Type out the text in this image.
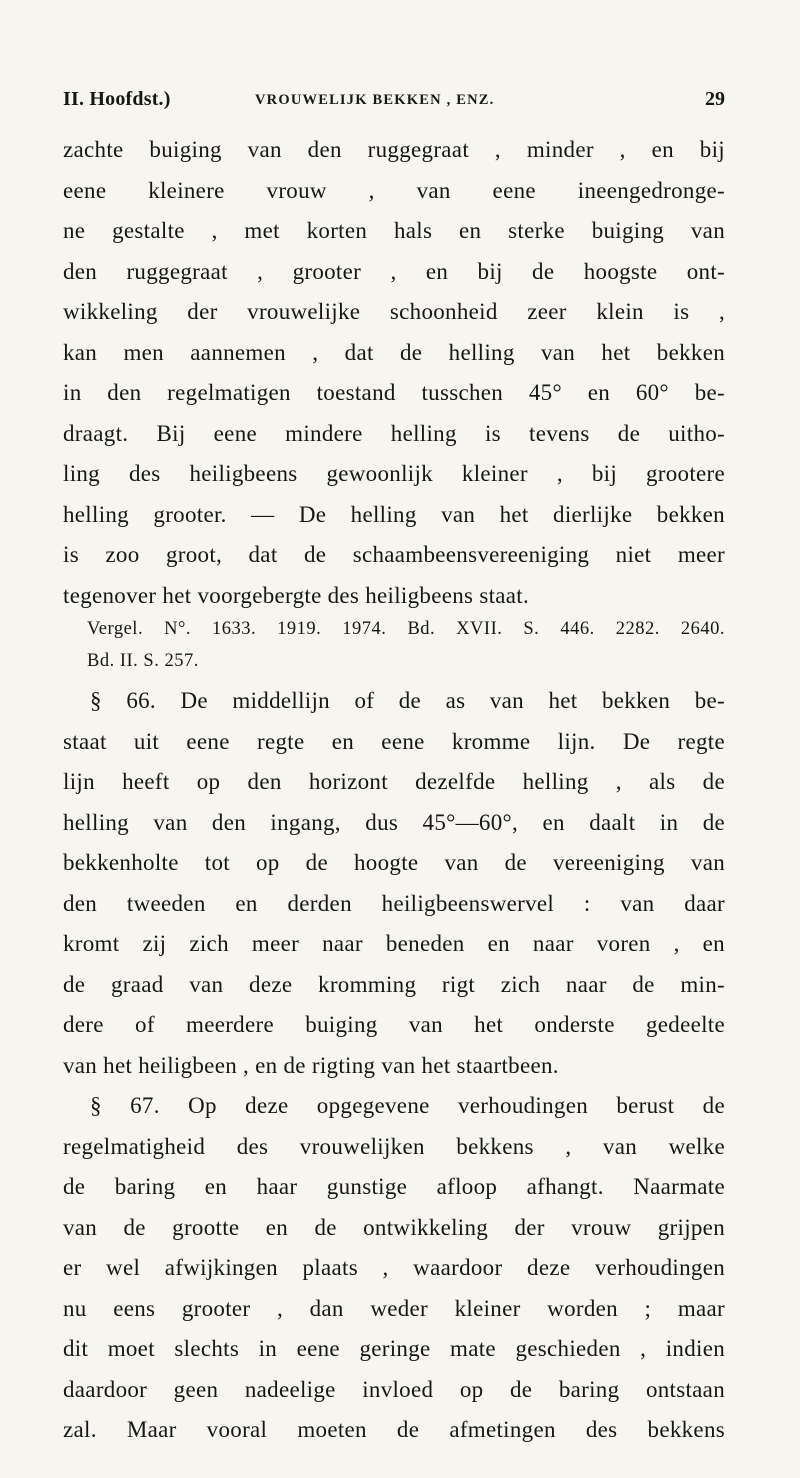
II. Hoofdst.)	VROUWELIJK BEKKEN , ENZ.	29
zachte buiging van den ruggegraat , minder , en bij
eene kleinere vrouw , van eene ineengedronge-
ne gestalte , met korten hals en sterke buiging van
den ruggegraat , grooter , en bij de hoogste ont-
wikkeling der vrouwelijke schoonheid zeer klein is ,
kan men aannemen , dat de helling van het bekken
in den regelmatigen toestand tusschen 45° en 60° be-
draagt. Bij eene mindere helling is tevens de uitho-
ling des heiligbeens gewoonlijk kleiner , bij grootere
helling grooter. — De helling van het dierlijke bekken
is zoo groot, dat de schaambeensvereeniging niet meer
tegenover het voorgebergte des heiligbeens staat.
Vergel. N°. 1633. 1919. 1974. Bd. XVII. S. 446. 2282. 2640.
Bd. II. S. 257.
§ 66. De middellijn of de as van het bekken be-
staat uit eene regte en eene kromme lijn. De regte
lijn heeft op den horizont dezelfde helling , als de
helling van den ingang, dus 45°—60°, en daalt in de
bekkenholte tot op de hoogte van de vereeniging van
den tweeden en derden heiligbeenswervel : van daar
kromt zij zich meer naar beneden en naar voren , en
de graad van deze kromming rigt zich naar de min-
dere of meerdere buiging van het onderste gedeelte
van het heiligbeen , en de rigting van het staartbeen.
§ 67. Op deze opgegevene verhoudingen berust de
regelmatigheid des vrouwelijken bekkens , van welke
de baring en haar gunstige afloop afhangt. Naarmate
van de grootte en de ontwikkeling der vrouw grijpen
er wel afwijkingen plaats , waardoor deze verhoudingen
nu eens grooter , dan weder kleiner worden ; maar
dit moet slechts in eene geringe mate geschieden , indien
daardoor geen nadeelige invloed op de baring ontstaan
zal. Maar vooral moeten de afmetingen des bekkens
